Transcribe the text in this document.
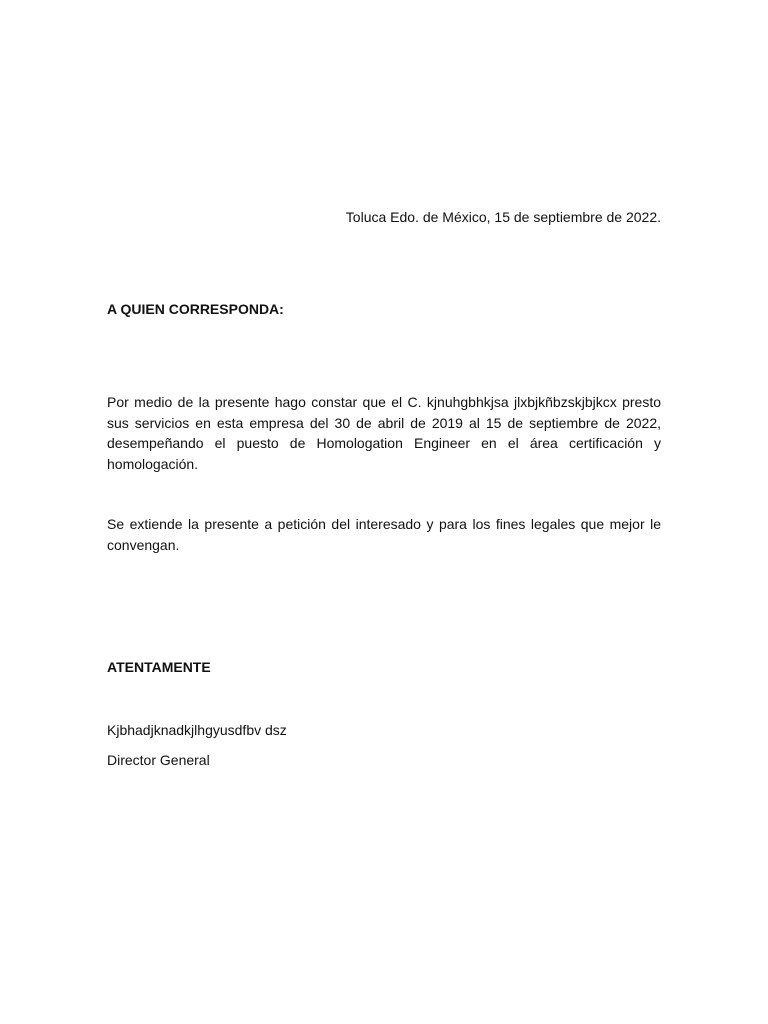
Toluca Edo. de México, 15 de septiembre de 2022.
A QUIEN CORRESPONDA:
Por medio de la presente hago constar que el C. kjnuhgbhkjsa jlxbjkñbzskjbjkcx presto sus servicios en esta empresa del 30 de abril de 2019 al 15 de septiembre de 2022, desempeñando el puesto de Homologation Engineer en el área certificación y homologación.
Se extiende la presente a petición del interesado y para los fines legales que mejor le convengan.
ATENTAMENTE
Kjbhadjknadkjlhgyusdfbv dsz
Director General
